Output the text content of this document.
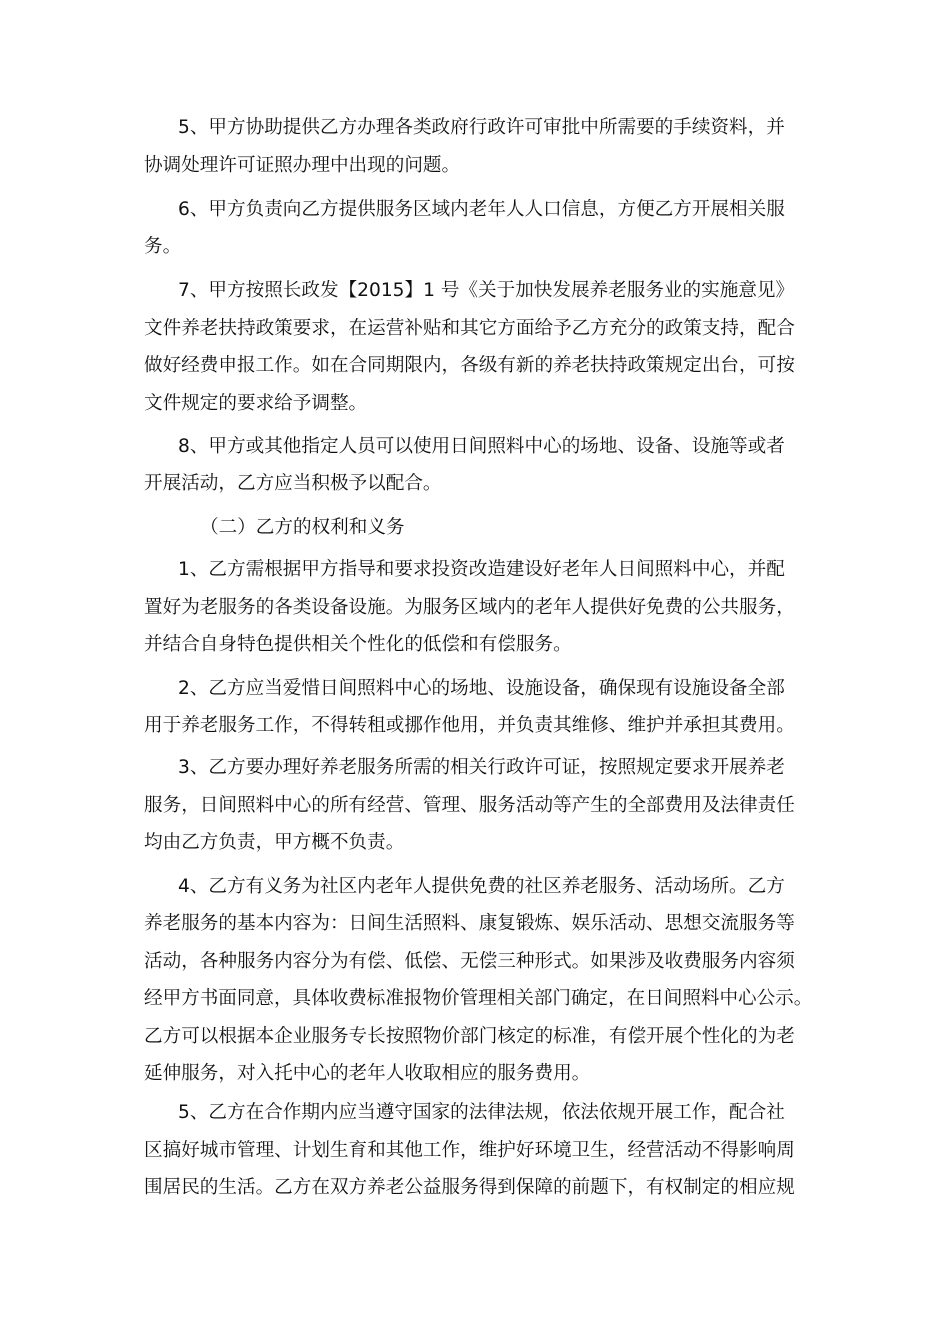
5、甲方协助提供乙方办理各类政府行政许可审批中所需要的手续资料，并
协调处理许可证照办理中出现的问题。
6、甲方负责向乙方提供服务区域内老年人人口信息，方便乙方开展相关服
务。
7、甲方按照长政发【2015】1 号《关于加快发展养老服务业的实施意见》
文件养老扶持政策要求，在运营补贴和其它方面给予乙方充分的政策支持，配合
做好经费申报工作。如在合同期限内，各级有新的养老扶持政策规定出台，可按
文件规定的要求给予调整。
8、甲方或其他指定人员可以使用日间照料中心的场地、设备、设施等或者
开展活动，乙方应当积极予以配合。
（二）乙方的权利和义务
1、乙方需根据甲方指导和要求投资改造建设好老年人日间照料中心，并配
置好为老服务的各类设备设施。为服务区域内的老年人提供好免费的公共服务，
并结合自身特色提供相关个性化的低偿和有偿服务。
2、乙方应当爱惜日间照料中心的场地、设施设备，确保现有设施设备全部
用于养老服务工作，不得转租或挪作他用，并负责其维修、维护并承担其费用。
3、乙方要办理好养老服务所需的相关行政许可证，按照规定要求开展养老
服务，日间照料中心的所有经营、管理、服务活动等产生的全部费用及法律责任
均由乙方负责，甲方概不负责。
4、乙方有义务为社区内老年人提供免费的社区养老服务、活动场所。乙方
养老服务的基本内容为：日间生活照料、康复锻炼、娱乐活动、思想交流服务等
活动，各种服务内容分为有偿、低偿、无偿三种形式。如果涉及收费服务内容须
经甲方书面同意，具体收费标准报物价管理相关部门确定，在日间照料中心公示。
乙方可以根据本企业服务专长按照物价部门核定的标准，有偿开展个性化的为老
延伸服务，对入托中心的老年人收取相应的服务费用。
5、乙方在合作期内应当遵守国家的法律法规，依法依规开展工作，配合社
区搞好城市管理、计划生育和其他工作，维护好环境卫生，经营活动不得影响周
围居民的生活。乙方在双方养老公益服务得到保障的前题下，有权制定的相应规
